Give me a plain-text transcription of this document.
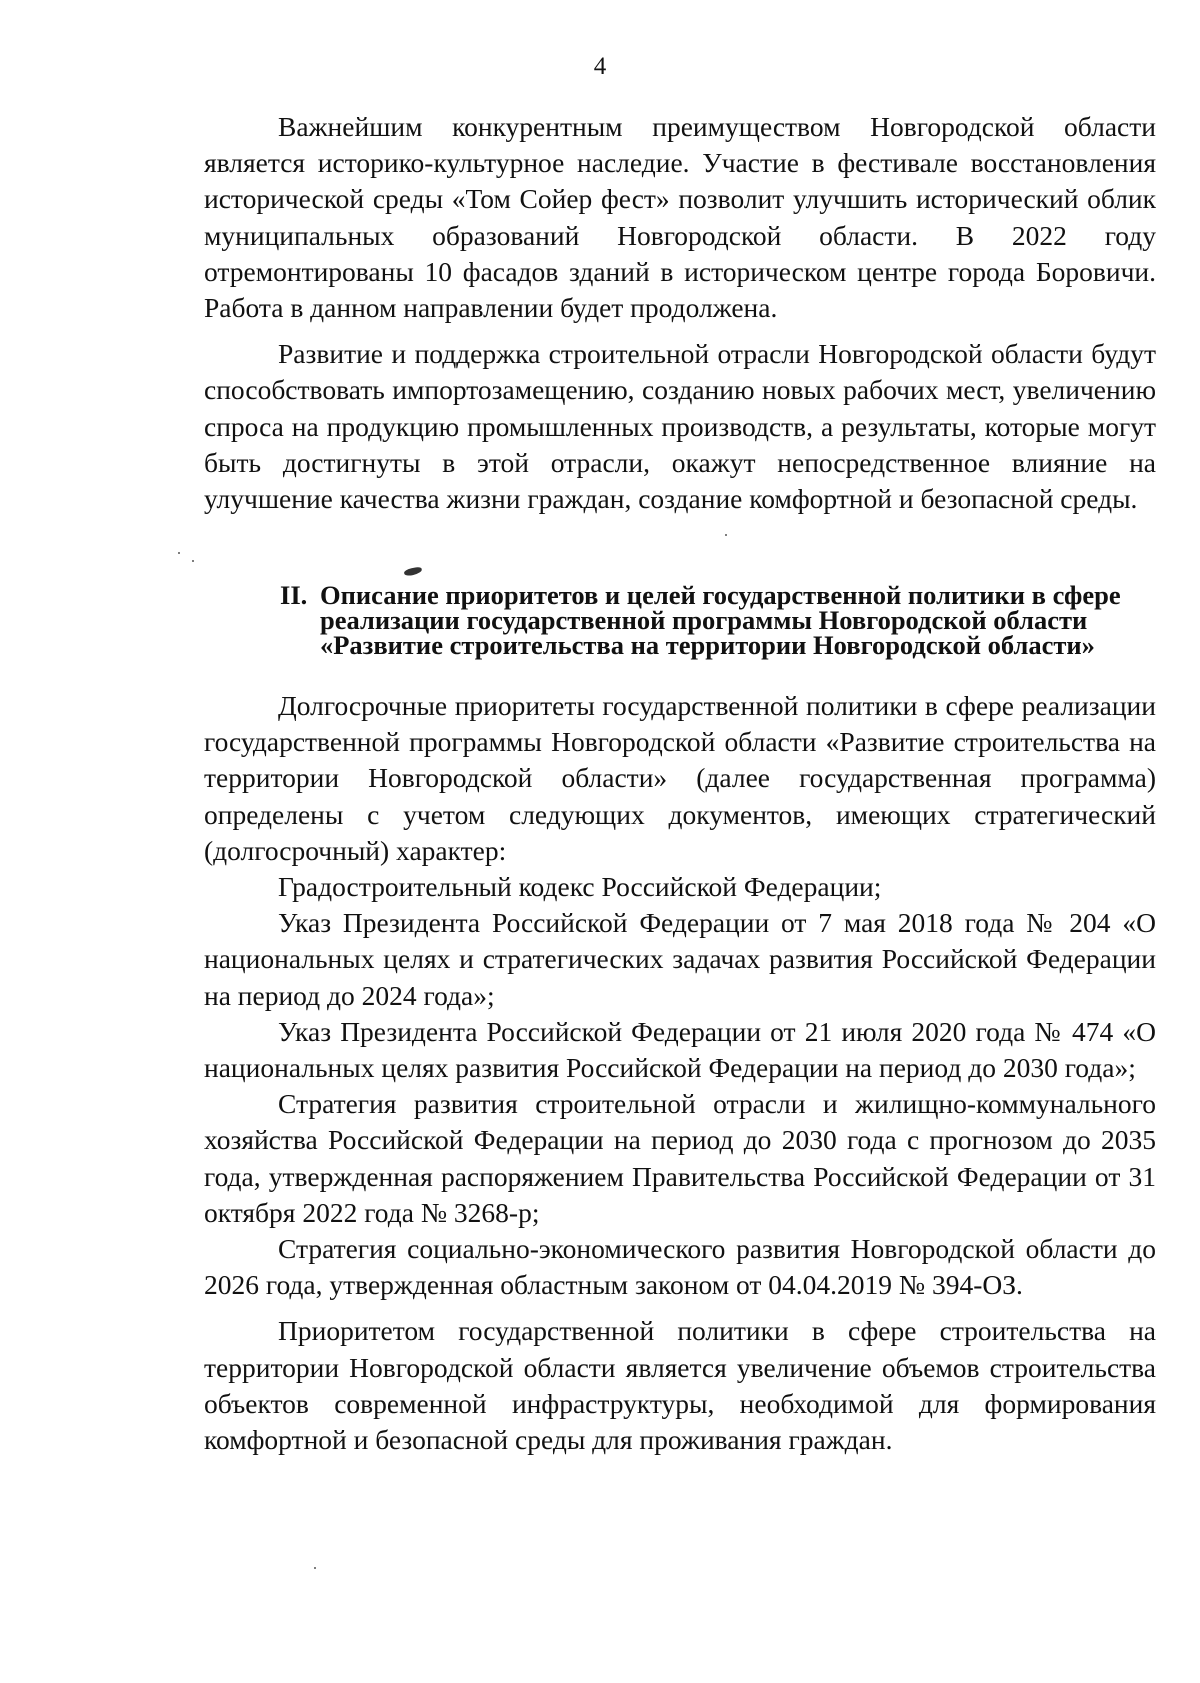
4

Важнейшим конкурентным преимуществом Новгородской области является историко-культурное наследие. Участие в фестивале восстановления исторической среды «Том Сойер фест» позволит улучшить исторический облик муниципальных образований Новгородской области. В 2022 году отремонтированы 10 фасадов зданий в историческом центре города Боровичи. Работа в данном направлении будет продолжена.

Развитие и поддержка строительной отрасли Новгородской области будут способствовать импортозамещению, созданию новых рабочих мест, увеличению спроса на продукцию промышленных производств, а результаты, которые могут быть достигнуты в этой отрасли, окажут непосредственное влияние на улучшение качества жизни граждан, создание комфортной и безопасной среды.

II. Описание приоритетов и целей государственной политики в сфере реализации государственной программы Новгородской области «Развитие строительства на территории Новгородской области»

Долгосрочные приоритеты государственной политики в сфере реализации государственной программы Новгородской области «Развитие строительства на территории Новгородской области» (далее государственная программа) определены с учетом следующих документов, имеющих стратегический (долгосрочный) характер:

Градостроительный кодекс Российской Федерации;

Указ Президента Российской Федерации от 7 мая 2018 года № 204 «О национальных целях и стратегических задачах развития Российской Федерации на период до 2024 года»;

Указ Президента Российской Федерации от 21 июля 2020 года № 474 «О национальных целях развития Российской Федерации на период до 2030 года»;

Стратегия развития строительной отрасли и жилищно-коммунального хозяйства Российской Федерации на период до 2030 года с прогнозом до 2035 года, утвержденная распоряжением Правительства Российской Федерации от 31 октября 2022 года № 3268-р;

Стратегия социально-экономического развития Новгородской области до 2026 года, утвержденная областным законом от 04.04.2019 № 394-ОЗ.

Приоритетом государственной политики в сфере строительства на территории Новгородской области является увеличение объемов строительства объектов современной инфраструктуры, необходимой для формирования комфортной и безопасной среды для проживания граждан.
